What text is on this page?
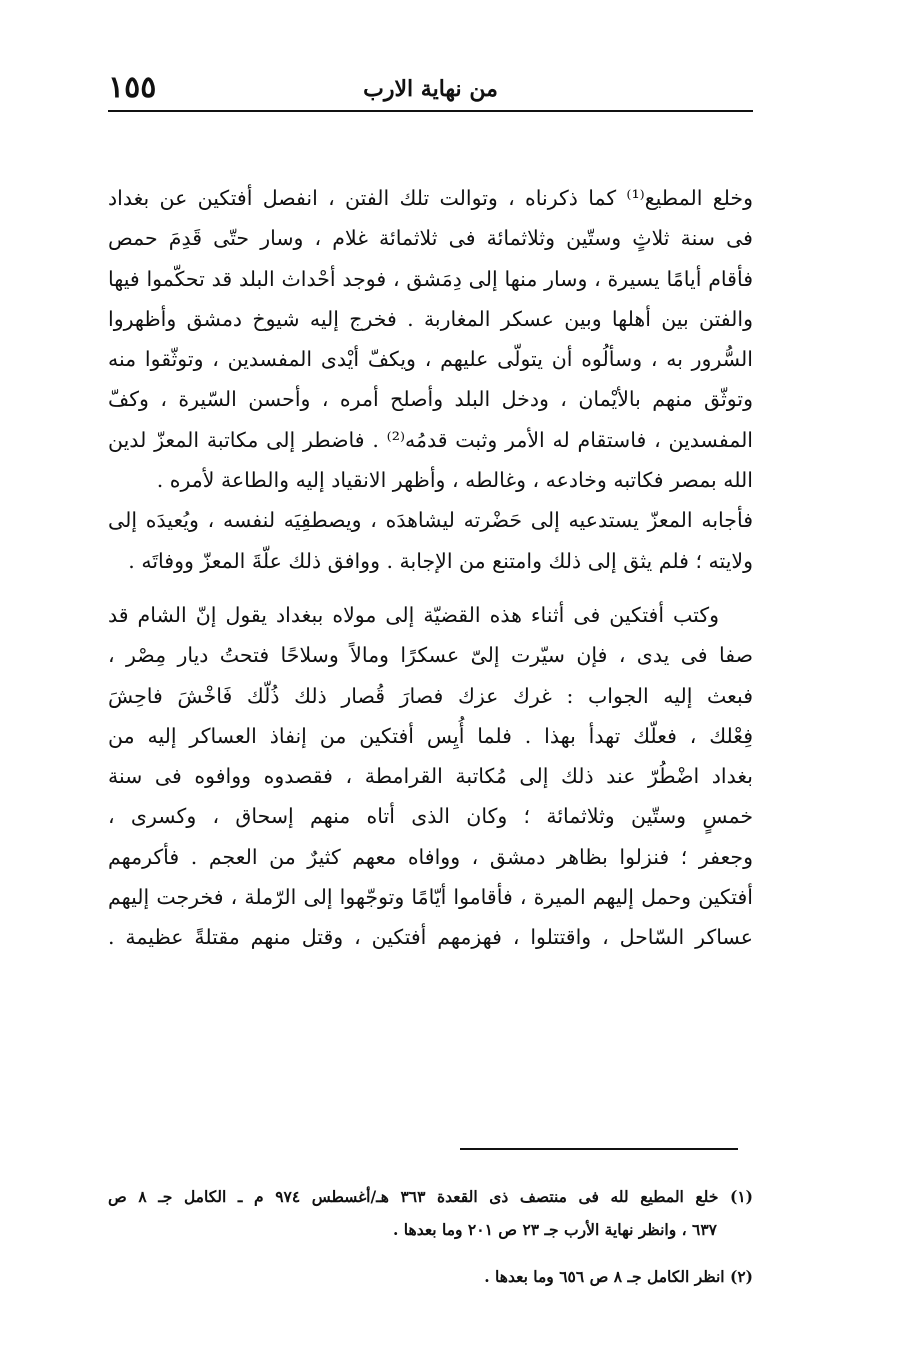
١٥٥	من نهاية الارب
وخلع المطيع⁽¹⁾ كما ذكرناه ، وتوالت تلك الفتن ، انفصل أفتكين عن بغداد
فى سنة ثلاثٍ وستّين وثلاثمائة فى ثلاثمائة غلام ، وسار حتّى قَدِمَ حمص
فأقام أيامًا يسيرة ، وسار منها إلى دِمَشق ، فوجد أحْداث البلد قد تحكّموا فيها
والفتن بين أهلها وبين عسكر المغاربة . فخرج إليه شيوخ دمشق وأظهروا
السُّرور به ، وسألُوه أن يتولّى عليهم ، ويكفّ أيْدى المفسدين ، وتوثّقوا منه
وتوثّق منهم بالأيْمان ، ودخل البلد وأصلح أمره ، وأحسن السّيرة ، وكفّ
المفسدين ، فاستقام له الأمر وثبت قدمُه⁽²⁾ . فاضطر إلى مكاتبة المعزّ لدين
الله بمصر فكاتبه وخادعه ، وغالطه ، وأظهر الانقياد إليه والطاعة لأمره .
فأجابه المعزّ يستدعيه إلى حَضْرته ليشاهدَه ، ويصطفِيَه لنفسه ، ويُعيدَه إلى
ولايته ؛ فلم يثق إلى ذلك وامتنع من الإجابة . ووافق ذلك علّةَ المعزّ ووفاتَه .
وكتب أفتكين فى أثناء هذه القضيّة إلى مولاه ببغداد يقول إنّ الشام قد
صفا فى يدى ، فإن سيّرت إلىّ عسكرًا ومالاً وسلاحًا فتحتُ ديار مِصْر ،
فبعث إليه الجواب : غرك عزك فصارَ قُصار ذلك ذُلّك فَاخْشَ فاحِشَ
فِعْلك ، فعلّك تهدأ بهذا . فلما أُيِس أفتكين من إنفاذ العساكر إليه من
بغداد اضْطُرّ عند ذلك إلى مُكاتبة القرامطة ، فقصدوه ووافوه فى سنة
خمسٍ وستّين وثلاثمائة ؛ وكان الذى أتاه منهم إسحاق ، وكسرى ،
وجعفر ؛ فنزلوا بظاهر دمشق ، ووافاه معهم كثيرٌ من العجم . فأكرمهم
أفتكين وحمل إليهم الميرة ، فأقاموا أيّامًا وتوجّهوا إلى الرّملة ، فخرجت إليهم
عساكر السّاحل ، واقتتلوا ، فهزمهم أفتكين ، وقتل منهم مقتلةً عظيمة .
(١) خلع المطيع لله فى منتصف ذى القعدة ٣٦٣ هـ/أغسطس ٩٧٤ م ـ الكامل جـ ٨ ص
٦٣٧ ، وانظر نهاية الأرب جـ ٢٣ ص ٢٠١ وما بعدها .
(٢) انظر الكامل جـ ٨ ص ٦٥٦ وما بعدها .
